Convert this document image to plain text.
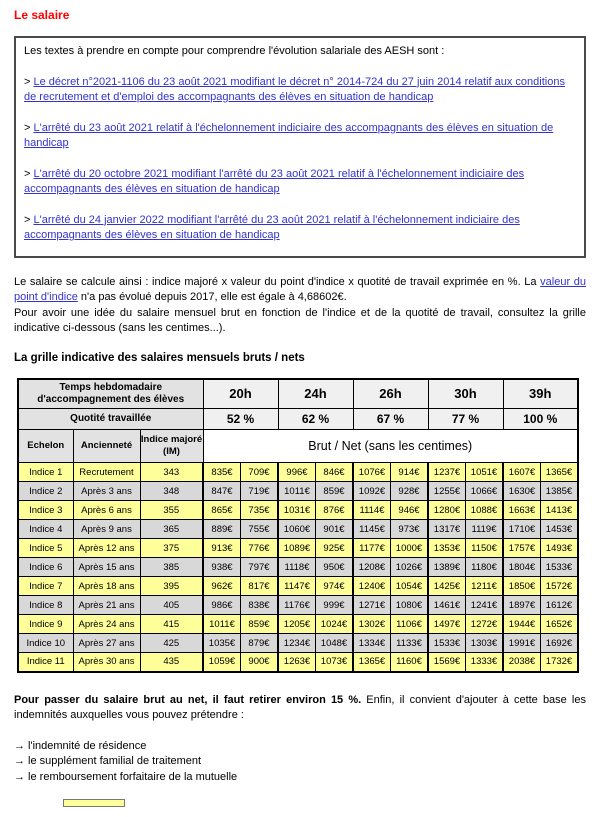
Le salaire

Les textes à prendre en compte pour comprendre l'évolution salariale des AESH sont :

> Le décret n°2021-1106 du 23 août 2021 modifiant le décret n° 2014-724 du 27 juin 2014 relatif aux conditions de recrutement et d'emploi des accompagnants des élèves en situation de handicap

> L'arrêté du 23 août 2021 relatif à l'échelonnement indiciaire des accompagnants des élèves en situation de handicap

> L'arrêté du 20 octobre 2021 modifiant l'arrêté du 23 août 2021 relatif à l'échelonnement indiciaire des accompagnants des élèves en situation de handicap

> L'arrêté du 24 janvier 2022 modifiant l'arrêté du 23 août 2021 relatif à l'échelonnement indiciaire des accompagnants des élèves en situation de handicap

Le salaire se calcule ainsi : indice majoré x valeur du point d'indice x quotité de travail exprimée en %. La valeur du point d'indice n'a pas évolué depuis 2017, elle est égale à 4,68602€.
Pour avoir une idée du salaire mensuel brut en fonction de l'indice et de la quotité de travail, consultez la grille indicative ci-dessous (sans les centimes...).
La grille indicative des salaires mensuels bruts / nets
Temps hebdomadaire d'accompagnement des élèves			20h		24h		26h		30h		39h	
Quotité travaillée			52 %		62 %		67 %		77 %		100 %	
Echelon	Ancienneté	Indice majoré (IM)	Brut / Net (sans les centimes)									
Indice 1	Recrutement	343	835€	709€	996€	846€	1076€	914€	1237€	1051€	1607€	1365€
Indice 2	Après 3 ans	348	847€	719€	1011€	859€	1092€	928€	1255€	1066€	1630€	1385€
Indice 3	Après 6 ans	355	865€	735€	1031€	876€	1114€	946€	1280€	1088€	1663€	1413€
Indice 4	Après 9 ans	365	889€	755€	1060€	901€	1145€	973€	1317€	1119€	1710€	1453€
Indice 5	Après 12 ans	375	913€	776€	1089€	925€	1177€	1000€	1353€	1150€	1757€	1493€
Indice 6	Après 15 ans	385	938€	797€	1118€	950€	1208€	1026€	1389€	1180€	1804€	1533€
Indice 7	Après 18 ans	395	962€	817€	1147€	974€	1240€	1054€	1425€	1211€	1850€	1572€
Indice 8	Après 21 ans	405	986€	838€	1176€	999€	1271€	1080€	1461€	1241€	1897€	1612€
Indice 9	Après 24 ans	415	1011€	859€	1205€	1024€	1302€	1106€	1497€	1272€	1944€	1652€
Indice 10	Après 27 ans	425	1035€	879€	1234€	1048€	1334€	1133€	1533€	1303€	1991€	1692€
Indice 11	Après 30 ans	435	1059€	900€	1263€	1073€	1365€	1160€	1569€	1333€	2038€	1732€
Pour passer du salaire brut au net, il faut retirer environ 15 %. Enfin, il convient d'ajouter à cette base les indemnités auxquelles vous pouvez prétendre :
→ l'indemnité de résidence
→ le supplément familial de traitement
→ le remboursement forfaitaire de la mutuelle
